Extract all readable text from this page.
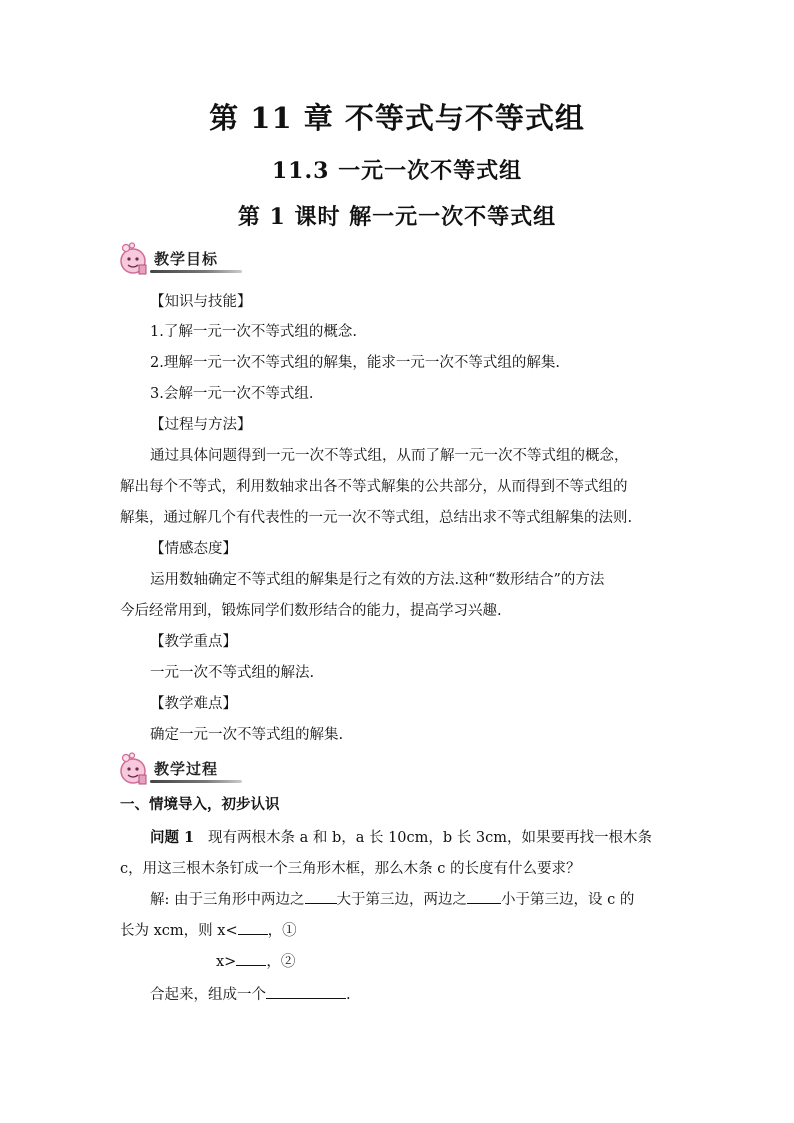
第 11 章 不等式与不等式组
11.3 一元一次不等式组
第 1 课时 解一元一次不等式组
教学目标
【知识与技能】
1.了解一元一次不等式组的概念.
2.理解一元一次不等式组的解集，能求一元一次不等式组的解集.
3.会解一元一次不等式组.
【过程与方法】
通过具体问题得到一元一次不等式组，从而了解一元一次不等式组的概念，
解出每个不等式，利用数轴求出各不等式解集的公共部分，从而得到不等式组的
解集，通过解几个有代表性的一元一次不等式组，总结出求不等式组解集的法则.
【情感态度】
运用数轴确定不等式组的解集是行之有效的方法.这种“数形结合”的方法
今后经常用到，锻炼同学们数形结合的能力，提高学习兴趣.
【教学重点】
一元一次不等式组的解法.
【教学难点】
确定一元一次不等式组的解集.
教学过程
一、情境导入，初步认识
问题 1 现有两根木条 a 和 b，a 长 10cm，b 长 3cm，如果要再找一根木条
c，用这三根木条钉成一个三角形木框，那么木条 c 的长度有什么要求？
解: 由于三角形中两边之 大于第三边，两边之 小于第三边，设 c 的
长为 xcm，则 x< ，①
x> ，②
合起来，组成一个	.
